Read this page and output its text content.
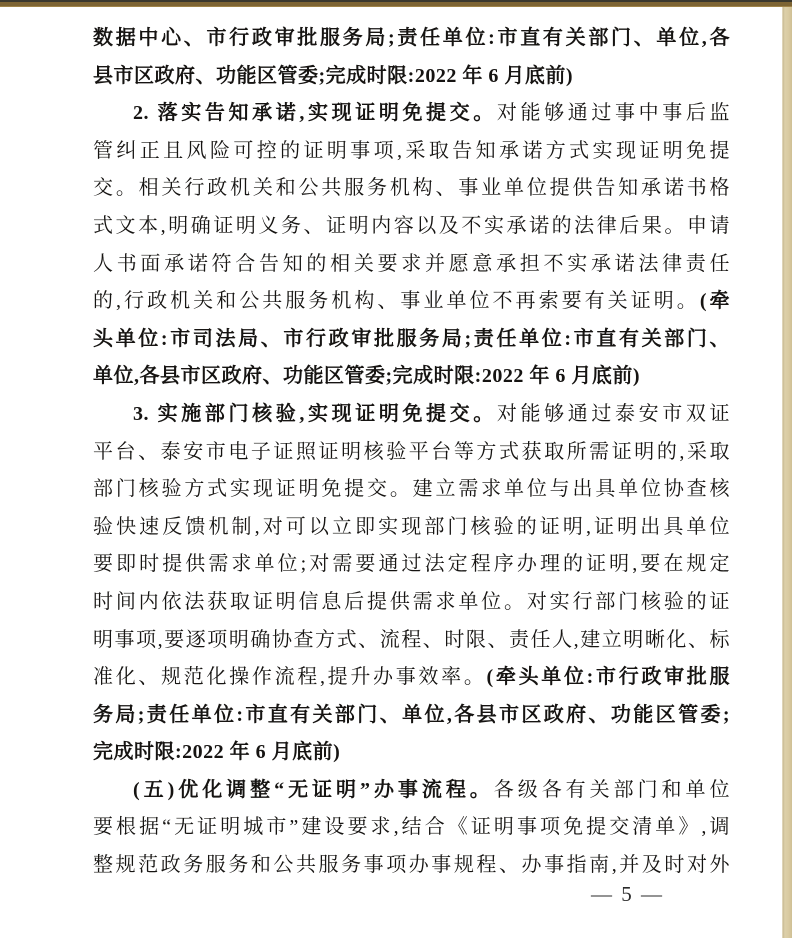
数据中心、市行政审批服务局;责任单位:市直有关部门、单位,各
县市区政府、功能区管委;完成时限:2022 年 6 月底前)
2. 落实告知承诺,实现证明免提交。对能够通过事中事后监
管纠正且风险可控的证明事项,采取告知承诺方式实现证明免提
交。相关行政机关和公共服务机构、事业单位提供告知承诺书格
式文本,明确证明义务、证明内容以及不实承诺的法律后果。申请
人书面承诺符合告知的相关要求并愿意承担不实承诺法律责任
的,行政机关和公共服务机构、事业单位不再索要有关证明。(牵
头单位:市司法局、市行政审批服务局;责任单位:市直有关部门、
单位,各县市区政府、功能区管委;完成时限:2022 年 6 月底前)
3. 实施部门核验,实现证明免提交。对能够通过泰安市双证
平台、泰安市电子证照证明核验平台等方式获取所需证明的,采取
部门核验方式实现证明免提交。建立需求单位与出具单位协查核
验快速反馈机制,对可以立即实现部门核验的证明,证明出具单位
要即时提供需求单位;对需要通过法定程序办理的证明,要在规定
时间内依法获取证明信息后提供需求单位。对实行部门核验的证
明事项,要逐项明确协查方式、流程、时限、责任人,建立明晰化、标
准化、规范化操作流程,提升办事效率。(牵头单位:市行政审批服
务局;责任单位:市直有关部门、单位,各县市区政府、功能区管委;
完成时限:2022 年 6 月底前)
(五)优化调整“无证明”办事流程。各级各有关部门和单位
要根据“无证明城市”建设要求,结合《证明事项免提交清单》,调
整规范政务服务和公共服务事项办事规程、办事指南,并及时对外
— 5 —
